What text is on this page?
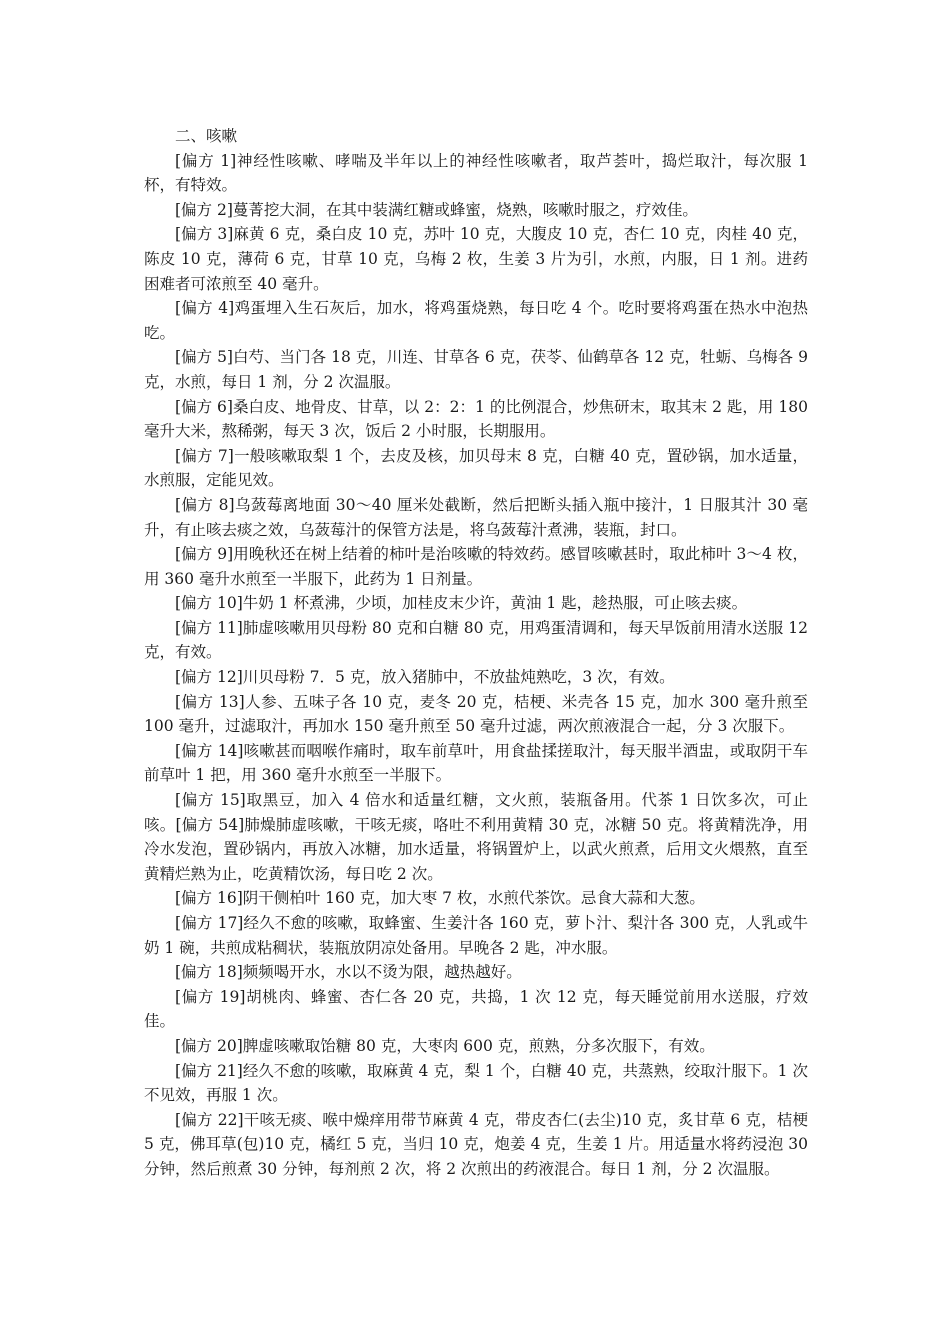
二、咳嗽

[偏方 1]神经性咳嗽、哮喘及半年以上的神经性咳嗽者，取芦荟叶，捣烂取汁，每次服 1 杯，有特效。

[偏方 2]蔓菁挖大洞，在其中装满红糖或蜂蜜，烧熟，咳嗽时服之，疗效佳。

[偏方 3]麻黄 6 克，桑白皮 10 克，苏叶 10 克，大腹皮 10 克，杏仁 10 克，肉桂 40 克，陈皮 10 克，薄荷 6 克，甘草 10 克，乌梅 2 枚，生姜 3 片为引，水煎，内服，日 1 剂。进药困难者可浓煎至 40 毫升。

[偏方 4]鸡蛋埋入生石灰后，加水，将鸡蛋烧熟，每日吃 4 个。吃时要将鸡蛋在热水中泡热吃。

[偏方 5]白芍、当门各 18 克，川连、甘草各 6 克，茯苓、仙鹤草各 12 克，牡蛎、乌梅各 9 克，水煎，每日 1 剂，分 2 次温服。

[偏方 6]桑白皮、地骨皮、甘草，以 2：2：1 的比例混合，炒焦研末，取其末 2 匙，用 180 毫升大米，熬稀粥，每天 3 次，饭后 2 小时服，长期服用。

[偏方 7]一般咳嗽取梨 1 个，去皮及核，加贝母末 8 克，白糖 40 克，置砂锅，加水适量，水煎服，定能见效。

[偏方 8]乌蔹莓离地面 30～40 厘米处截断，然后把断头插入瓶中接汁，1 日服其汁 30 毫升，有止咳去痰之效，乌蔹莓汁的保管方法是，将乌蔹莓汁煮沸，装瓶，封口。

[偏方 9]用晚秋还在树上结着的柿叶是治咳嗽的特效药。感冒咳嗽甚时，取此柿叶 3～4 枚，用 360 毫升水煎至一半服下，此药为 1 日剂量。

[偏方 10]牛奶 1 杯煮沸，少顷，加桂皮末少许，黄油 1 匙，趁热服，可止咳去痰。

[偏方 11]肺虚咳嗽用贝母粉 80 克和白糖 80 克，用鸡蛋清调和，每天早饭前用清水送服 12 克，有效。

[偏方 12]川贝母粉 7．5 克，放入猪肺中，不放盐炖熟吃，3 次，有效。

[偏方 13]人参、五味子各 10 克，麦冬 20 克，桔梗、米壳各 15 克，加水 300 毫升煎至 100 毫升，过滤取汁，再加水 150 毫升煎至 50 毫升过滤，两次煎液混合一起，分 3 次服下。

[偏方 14]咳嗽甚而咽喉作痛时，取车前草叶，用食盐揉搓取汁，每天服半酒盅，或取阴干车前草叶 1 把，用 360 毫升水煎至一半服下。

[偏方 15]取黑豆，加入 4 倍水和适量红糖，文火煎，装瓶备用。代茶 1 日饮多次，可止咳。[偏方 54]肺燥肺虚咳嗽，干咳无痰，咯吐不利用黄精 30 克，冰糖 50 克。将黄精洗净，用冷水发泡，置砂锅内，再放入冰糖，加水适量，将锅置炉上，以武火煎煮，后用文火煨熬，直至黄精烂熟为止，吃黄精饮汤，每日吃 2 次。

[偏方 16]阴干侧柏叶 160 克，加大枣 7 枚，水煎代茶饮。忌食大蒜和大葱。

[偏方 17]经久不愈的咳嗽，取蜂蜜、生姜汁各 160 克，萝卜汁、梨汁各 300 克，人乳或牛奶 1 碗，共煎成粘稠状，装瓶放阴凉处备用。早晚各 2 匙，冲水服。

[偏方 18]频频喝开水，水以不烫为限，越热越好。

[偏方 19]胡桃肉、蜂蜜、杏仁各 20 克，共捣，1 次 12 克，每天睡觉前用水送服，疗效佳。

[偏方 20]脾虚咳嗽取饴糖 80 克，大枣肉 600 克，煎熟，分多次服下，有效。

[偏方 21]经久不愈的咳嗽，取麻黄 4 克，梨 1 个，白糖 40 克，共蒸熟，绞取汁服下。1 次不见效，再服 1 次。

[偏方 22]干咳无痰、喉中燥痒用带节麻黄 4 克，带皮杏仁(去尘)10 克，炙甘草 6 克，桔梗 5 克，佛耳草(包)10 克，橘红 5 克，当归 10 克，炮姜 4 克，生姜 1 片。用适量水将药浸泡 30 分钟，然后煎煮 30 分钟，每剂煎 2 次，将 2 次煎出的药液混合。每日 1 剂，分 2 次温服。
